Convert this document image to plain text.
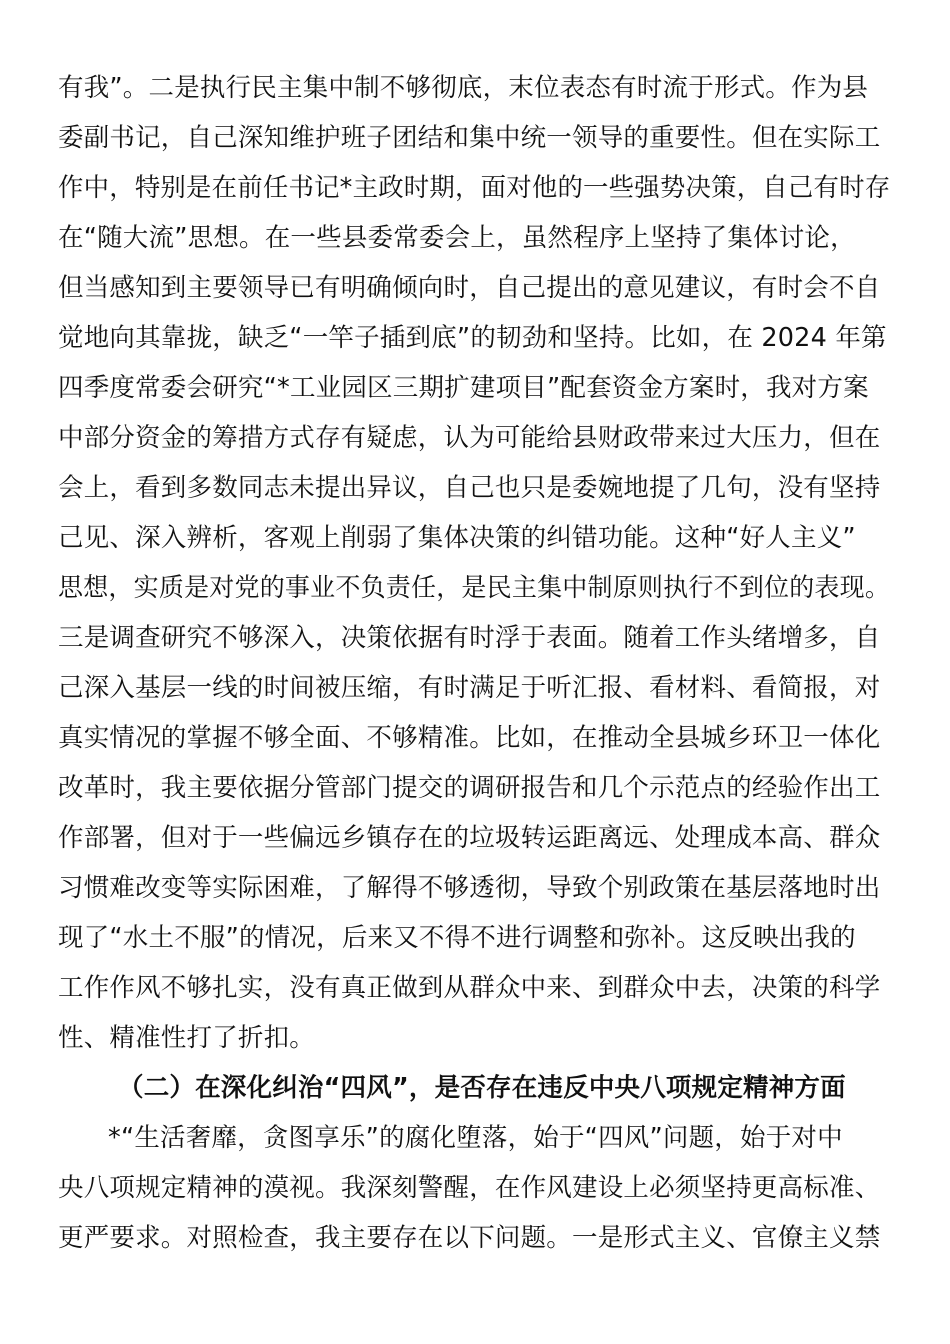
有我”。二是执行民主集中制不够彻底，末位表态有时流于形式。作为县
委副书记，自己深知维护班子团结和集中统一领导的重要性。但在实际工
作中，特别是在前任书记*主政时期，面对他的一些强势决策，自己有时存
在“随大流”思想。在一些县委常委会上，虽然程序上坚持了集体讨论，
但当感知到主要领导已有明确倾向时，自己提出的意见建议，有时会不自
觉地向其靠拢，缺乏“一竿子插到底”的韧劲和坚持。比如，在 2024 年第
四季度常委会研究“*工业园区三期扩建项目”配套资金方案时，我对方案
中部分资金的筹措方式存有疑虑，认为可能给县财政带来过大压力，但在
会上，看到多数同志未提出异议，自己也只是委婉地提了几句，没有坚持
己见、深入辨析，客观上削弱了集体决策的纠错功能。这种“好人主义”
思想，实质是对党的事业不负责任，是民主集中制原则执行不到位的表现。
三是调查研究不够深入，决策依据有时浮于表面。随着工作头绪增多，自
己深入基层一线的时间被压缩，有时满足于听汇报、看材料、看简报，对
真实情况的掌握不够全面、不够精准。比如，在推动全县城乡环卫一体化
改革时，我主要依据分管部门提交的调研报告和几个示范点的经验作出工
作部署，但对于一些偏远乡镇存在的垃圾转运距离远、处理成本高、群众
习惯难改变等实际困难，了解得不够透彻，导致个别政策在基层落地时出
现了“水土不服”的情况，后来又不得不进行调整和弥补。这反映出我的
工作作风不够扎实，没有真正做到从群众中来、到群众中去，决策的科学
性、精准性打了折扣。
（二）在深化纠治“四风”，是否存在违反中央八项规定精神方面
*“生活奢靡，贪图享乐”的腐化堕落，始于“四风”问题，始于对中
央八项规定精神的漠视。我深刻警醒，在作风建设上必须坚持更高标准、
更严要求。对照检查，我主要存在以下问题。一是形式主义、官僚主义禁
